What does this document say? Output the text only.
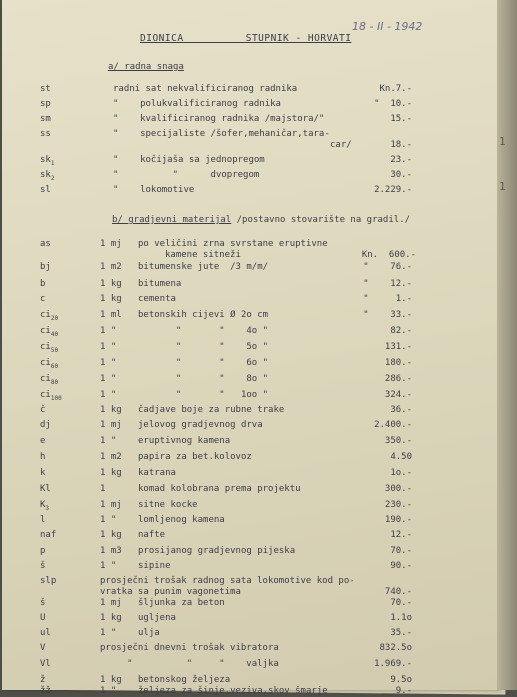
1
1
DIONICA          STUPNIK - HORVATI
18 - II - 1942
a/ radna snaga
st	radni sat nekvalificiranog radnika	Kn.7.-
sp	"    polukvalificiranog radnika	"  10.-
sm	"    kvalificiranog radnika /majstora/"	15.-
ss	"    specijaliste /šofer,mehaničar,tara-
car/	18.-
$sk_1$	"    kočijaša sa jednopregom	23.-
$sk_2$	"          "      dvopregom	30.-
sl	"    lokomotive	2.229.-
b/ gradjevni materijal /postavno stovarište na gradil./
as	1 mj po veličini zrna svrstane eruptivne
kamene sitneži	Kn.  600.-
bj	1 m2 bitumenske jute  /3 m/m/	"    76.-
b	1 kg bitumena	"    12.-
c	1 kg cementa	"     1.-
$ci_{20}$	1 ml betonskih cijevi Ø 2o cm	"    33.-
$ci_{40}$	1 " "       "    4o "	82.-
$ci_{50}$	1 " "       "    5o "	131.-
$ci_{60}$	1 " "       "    6o "	180.-
$ci_{80}$	1 " "       "    8o "	286.-
$ci_{100}$	1 " "       "   1oo "	324.-
č	1 kg čadjave boje za rubne trake	36.-
dj	1 mj jelovog gradjevnog drva	2.400.-
e	1 " eruptivnog kamena	350.-
h	1 m2 papira za bet.kolovoz	4.50
k	1 kg katrana	1o.-
Kl	1	komad kolobrana prema projektu	300.-
$K_3$	1 mj sitne kocke	230.-
l	1 " lomljenog kamena	190.-
naf	1 kg nafte	12.-
p	1 m3 prosijanog gradjevnog pijeska	70.-
š	1 " sipine	90.-
slp	prosječni trošak radnog sata lokomotive kod po-
vratka sa punim vagonetima	740.-
š	1 mj šljunka za beton	70.-
U	1 kg ugljena	1.1o
ul	1 " ulja	35.-
V	prosječni dnevni trošak vibratora	832.5o
Vl	"          "     "    valjka	1.969.-
ž	1 kg betonskog željeza	9.5o
žž	1 " željeza za šinje,veziva,skov šmarje	9.-
